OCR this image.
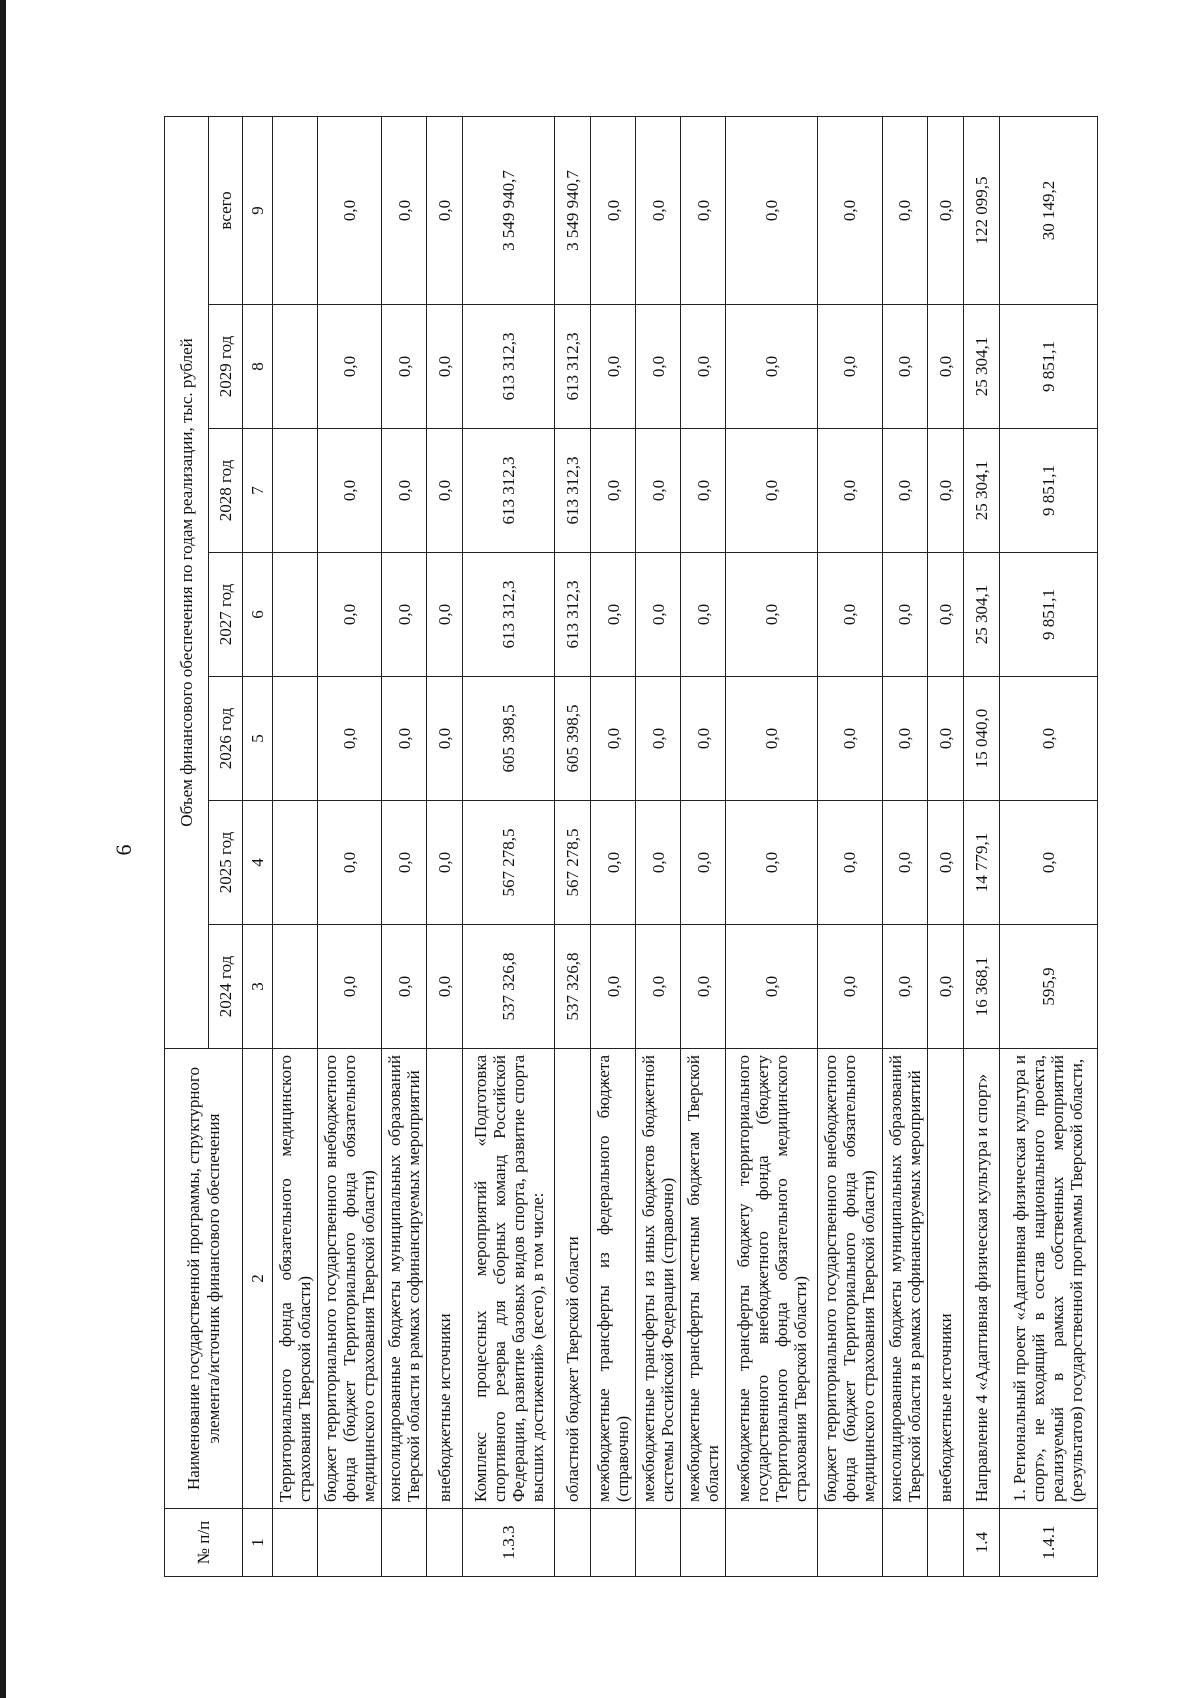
6
№ п/п	Наименование государственной программы, структурного элемента/источник финансового обеспечения	Объем финансового обеспечения по годам реализации, тыс. рублей						
		2024 год	2025 год	2026 год	2027 год	2028 год	2029 год	всего
1	2	3	4	5	6	7	8	9
	Территориального фонда обязательного медицинского страхования Тверской области)							
	бюджет территориального государственного внебюджетного фонда (бюджет Территориального фонда обязательного медицинского страхования Тверской области)	0,0	0,0	0,0	0,0	0,0	0,0	0,0
	консолидированные бюджеты муниципальных образований Тверской области в рамках софинансируемых мероприятий	0,0	0,0	0,0	0,0	0,0	0,0	0,0
	внебюджетные источники	0,0	0,0	0,0	0,0	0,0	0,0	0,0
1.3.3	Комплекс процессных мероприятий «Подготовка спортивного резерва для сборных команд Российской Федерации, развитие базовых видов спорта, развитие спорта высших достижений» (всего), в том числе:	537 326,8	567 278,5	605 398,5	613 312,3	613 312,3	613 312,3	3 549 940,7
	областной бюджет Тверской области	537 326,8	567 278,5	605 398,5	613 312,3	613 312,3	613 312,3	3 549 940,7
	межбюджетные трансферты из федерального бюджета (справочно)	0,0	0,0	0,0	0,0	0,0	0,0	0,0
	межбюджетные трансферты из иных бюджетов бюджетной системы Российской Федерации (справочно)	0,0	0,0	0,0	0,0	0,0	0,0	0,0
	межбюджетные трансферты местным бюджетам Тверской области	0,0	0,0	0,0	0,0	0,0	0,0	0,0
	межбюджетные трансферты бюджету территориального государственного внебюджетного фонда (бюджету Территориального фонда обязательного медицинского страхования Тверской области)	0,0	0,0	0,0	0,0	0,0	0,0	0,0
	бюджет территориального государственного внебюджетного фонда (бюджет Территориального фонда обязательного медицинского страхования Тверской области)	0,0	0,0	0,0	0,0	0,0	0,0	0,0
	консолидированные бюджеты муниципальных образований Тверской области в рамках софинансируемых мероприятий	0,0	0,0	0,0	0,0	0,0	0,0	0,0
	внебюджетные источники	0,0	0,0	0,0	0,0	0,0	0,0	0,0
1.4	Направление 4 «Адаптивная физическая культура и спорт»	16 368,1	14 779,1	15 040,0	25 304,1	25 304,1	25 304,1	122 099,5
1.4.1	1. Региональный проект «Адаптивная физическая культура и спорт», не входящий в состав национального проекта, реализуемый в рамках собственных мероприятий (результатов) государственной программы Тверской области,	595,9	0,0	0,0	9 851,1	9 851,1	9 851,1	30 149,2
